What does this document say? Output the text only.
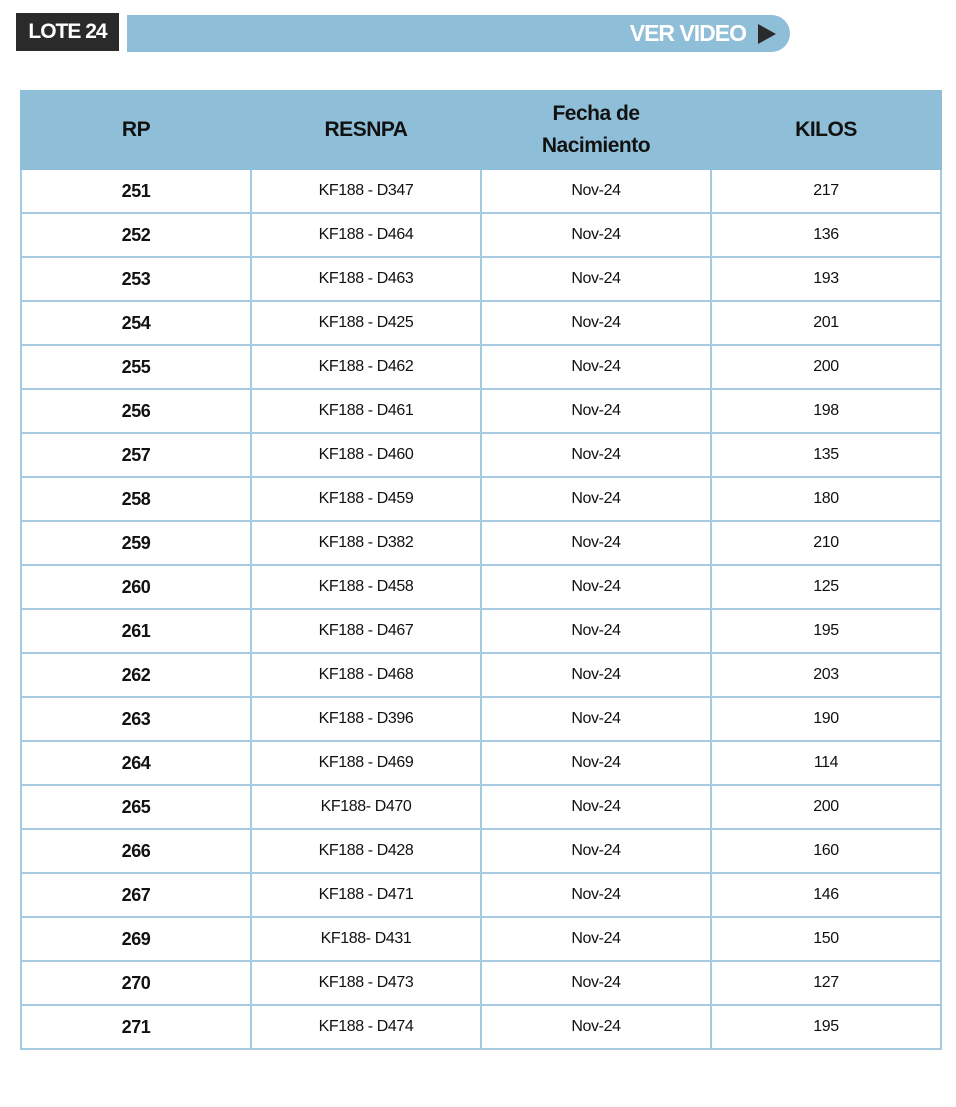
LOTE 24	VER VIDEO
RP	RESNPA	Fecha de Nacimiento	KILOS
251	KF188 - D347	Nov-24	217
252	KF188 - D464	Nov-24	136
253	KF188 - D463	Nov-24	193
254	KF188 - D425	Nov-24	201
255	KF188 - D462	Nov-24	200
256	KF188 - D461	Nov-24	198
257	KF188 - D460	Nov-24	135
258	KF188 - D459	Nov-24	180
259	KF188 - D382	Nov-24	210
260	KF188 - D458	Nov-24	125
261	KF188 - D467	Nov-24	195
262	KF188 - D468	Nov-24	203
263	KF188 - D396	Nov-24	190
264	KF188 - D469	Nov-24	114
265	KF188- D470	Nov-24	200
266	KF188 - D428	Nov-24	160
267	KF188 - D471	Nov-24	146
269	KF188- D431	Nov-24	150
270	KF188 - D473	Nov-24	127
271	KF188 - D474	Nov-24	195
